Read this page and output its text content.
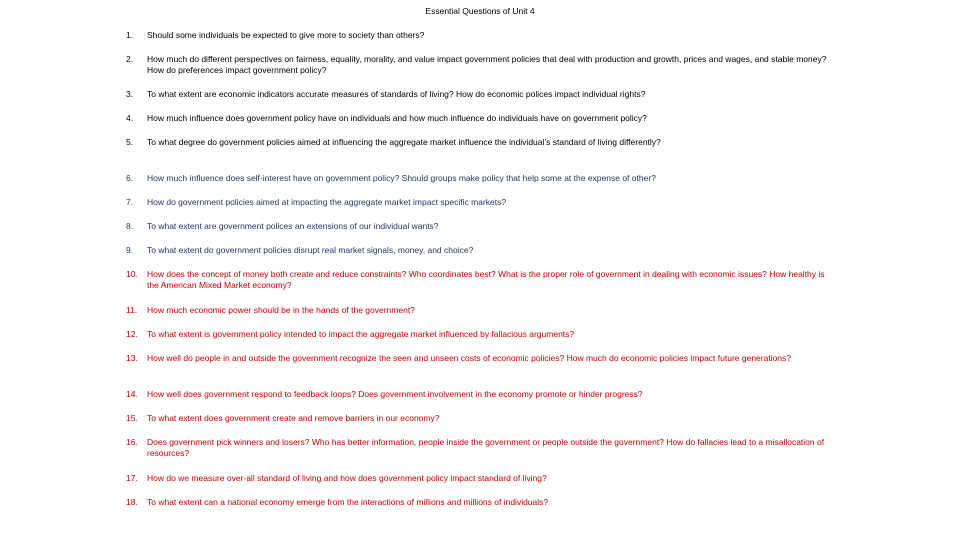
Essential Questions of Unit 4
1.	Should some individuals be expected to give more to society than others?
2.	How much do different perspectives on fairness, equality, morality, and value impact government policies that deal with production and growth, prices and wages, and stable money? How do preferences impact government policy?
3.	To what extent are economic indicators accurate measures of standards of living? How do economic polices impact individual rights?
4.	How much influence does government policy have on individuals and how much influence do individuals have on government policy?
5.	To what degree do government policies aimed at influencing the aggregate market influence the individual’s standard of living differently?
6.	How much influence does self-interest have on government policy? Should groups make policy that help some at the expense of other?
7.	How do government policies aimed at impacting the aggregate market impact specific markets?
8.	To what extent are government polices an extensions of our individual wants?
9.	To what extent do government policies disrupt real market signals, money, and choice?
10.	How does the concept of money both create and reduce constraints? Who coordinates best? What is the proper role of government in dealing with economic issues? How healthy is the American Mixed Market economy?
11.	How much economic power should be in the hands of the government?
12.	To what extent is government policy intended to impact the aggregate market influenced by fallacious arguments?
13.	How well do people in and outside the government recognize the seen and unseen costs of economic policies? How much do economic policies impact future generations?
14.	How well does government respond to feedback loops? Does government involvement in the economy promote or hinder progress?
15.	To what extent does government create and remove barriers in our economy?
16.	Does government pick winners and losers? Who has better information, people inside the government or people outside the government? How do fallacies lead to a misallocation of resources?
17.	How do we measure over-all standard of living and how does government policy impact standard of living?
18.	To what extent can a national economy emerge from the interactions of millions and millions of individuals?
